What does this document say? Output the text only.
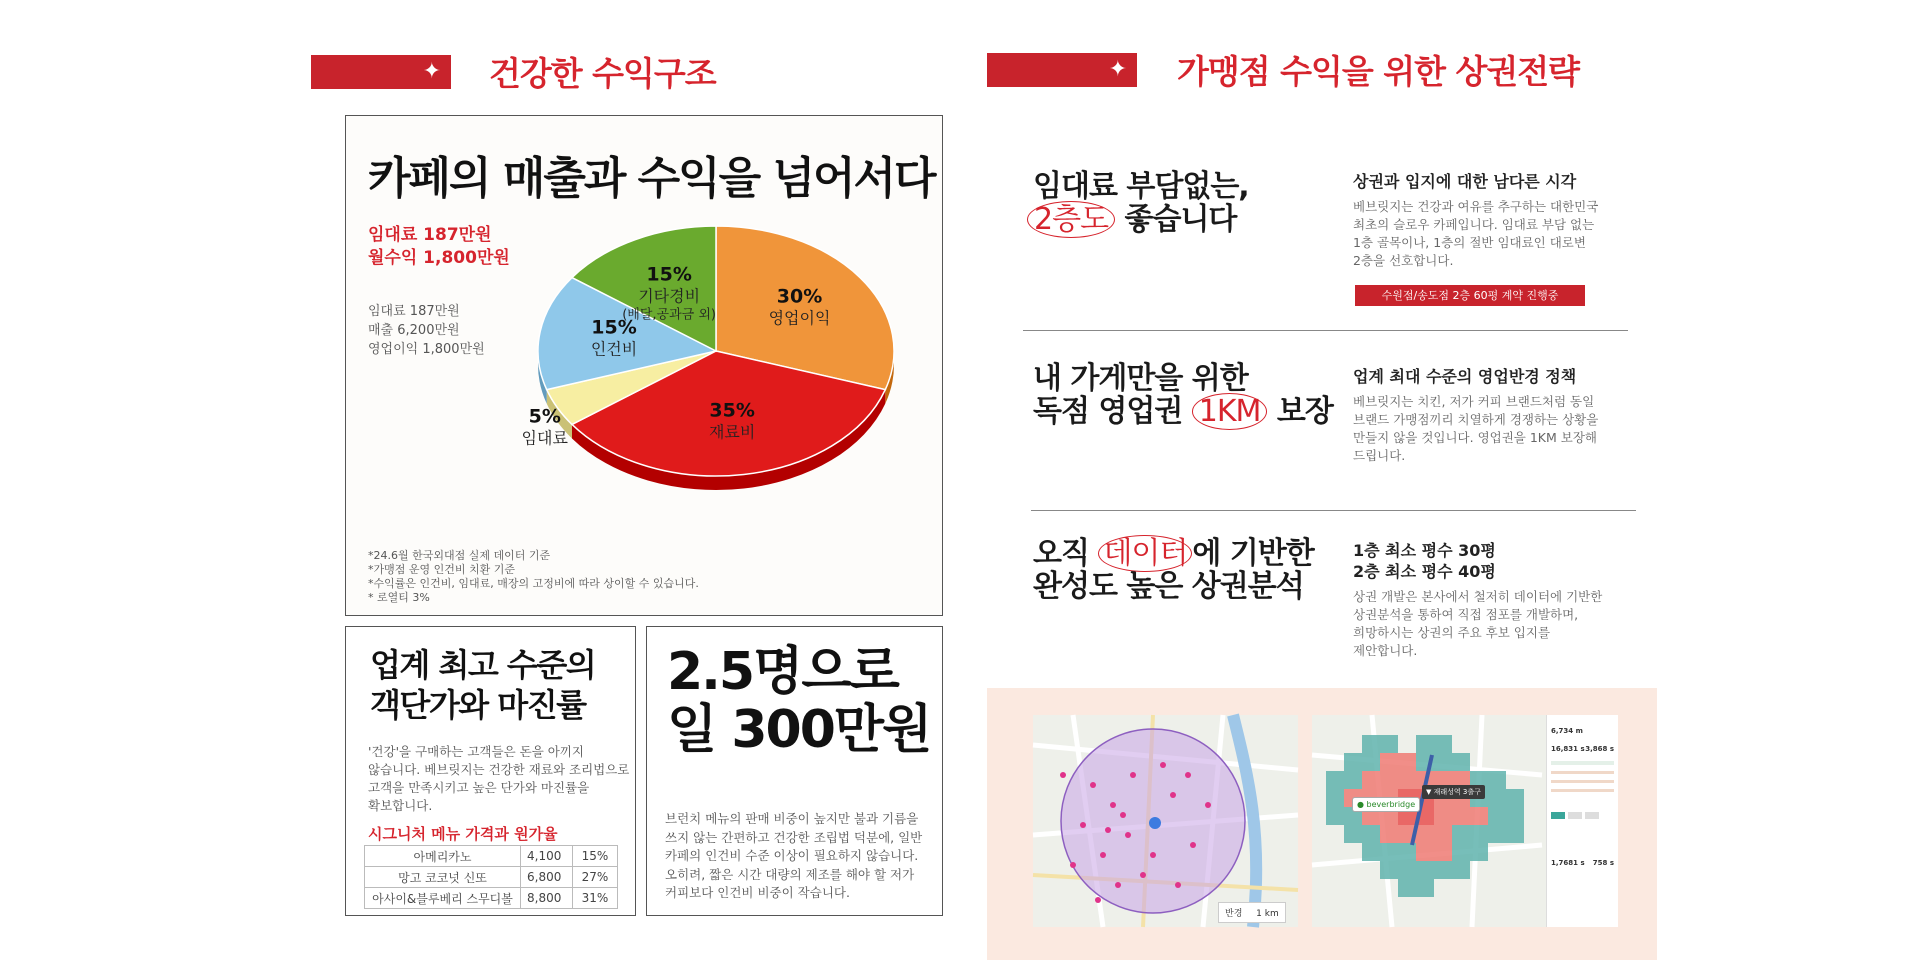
✦ 건강한 수익구조	✦ 가맹점 수익을 위한 상권전략
카페의 매출과 수익을 넘어서다
임대료 187만원
월수익 1,800만원
임대료 187만원
매출 6,200만원
영업이익 1,800만원
30%
영업이익
35%
재료비
5%
임대료
15%
인건비
15%
기타경비
(배달,공과금 외)
*24.6월 한국외대점 실제 데이터 기준
*가맹점 운영 인건비 치환 기준
*수익률은 인건비, 임대료, 매장의 고정비에 따라 상이할 수 있습니다.
* 로열티 3%
업계 최고 수준의
객단가와 마진률
'건강'을 구매하는 고객들은 돈을 아끼지
않습니다. 베브릿지는 건강한 재료와 조리법으로
고객을 만족시키고 높은 단가와 마진률을
확보합니다.
시그니처 메뉴 가격과 원가율
아메리카노	4,100	15%
망고 코코넛 신또	6,800	27%
아사이&블루베리 스무디볼	8,800	31%
2.5명으로
일 300만원
브런치 메뉴의 판매 비중이 높지만 불과 기름을
쓰지 않는 간편하고 건강한 조립법 덕분에, 일반
카페의 인건비 수준 이상이 필요하지 않습니다.
오히려, 짧은 시간 대량의 제조를 해야 할 저가
커피보다 인건비 비중이 작습니다.
임대료 부담없는,
2층도 좋습니다
상권과 입지에 대한 남다른 시각
베브릿지는 건강과 여유를 추구하는 대한민국
최초의 슬로우 카페입니다. 임대료 부담 없는
1층 골목이나, 1층의 절반 임대료인 대로변
2층을 선호합니다.
수원점/송도점 2층 60평 계약 진행중
내 가게만을 위한
독점 영업권 1KM 보장
업계 최대 수준의 영업반경 정책
베브릿지는 치킨, 저가 커피 브랜드처럼 동일
브랜드 가맹점끼리 치열하게 경쟁하는 상황을
만들지 않을 것입니다. 영업권을 1KM 보장해
드립니다.
오직 데이터 에 기반한
완성도 높은 상권분석
1층 최소 평수 30평
2층 최소 평수 40평
상권 개발은 본사에서 철저히 데이터에 기반한
상권분석을 통하여 직접 점포를 개발하며,
희망하시는 상권의 주요 후보 입지를
제안합니다.
반경 1 km
● beverbridge
▼ 재래성역 3출구
6,734 m
16,831 s 3,868 s
1,7681 s 758 s
